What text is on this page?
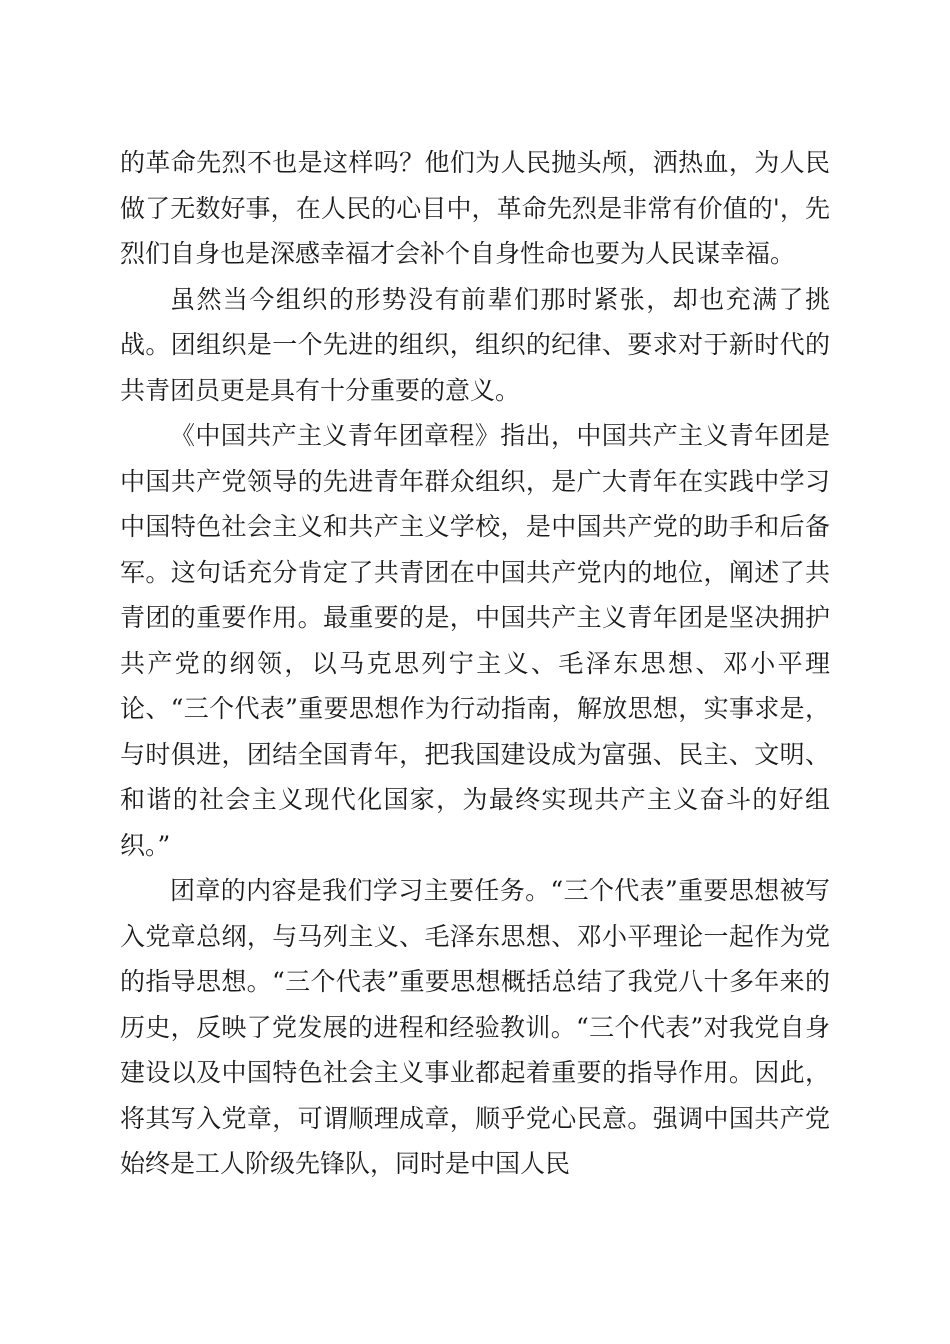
的革命先烈不也是这样吗？他们为人民抛头颅，洒热血，为人民做了无数好事，在人民的心目中，革命先烈是非常有价值的'，先烈们自身也是深感幸福才会补个自身性命也要为人民谋幸福。

虽然当今组织的形势没有前辈们那时紧张，却也充满了挑战。团组织是一个先进的组织，组织的纪律、要求对于新时代的共青团员更是具有十分重要的意义。

《中国共产主义青年团章程》指出，中国共产主义青年团是中国共产党领导的先进青年群众组织，是广大青年在实践中学习中国特色社会主义和共产主义学校，是中国共产党的助手和后备军。这句话充分肯定了共青团在中国共产党内的地位，阐述了共青团的重要作用。最重要的是，中国共产主义青年团是坚决拥护共产党的纲领，以马克思列宁主义、毛泽东思想、邓小平理论、“三个代表”重要思想作为行动指南，解放思想，实事求是，与时俱进，团结全国青年，把我国建设成为富强、民主、文明、和谐的社会主义现代化国家，为最终实现共产主义奋斗的好组织。”

团章的内容是我们学习主要任务。“三个代表”重要思想被写入党章总纲，与马列主义、毛泽东思想、邓小平理论一起作为党的指导思想。“三个代表”重要思想概括总结了我党八十多年来的历史，反映了党发展的进程和经验教训。“三个代表”对我党自身建设以及中国特色社会主义事业都起着重要的指导作用。因此，将其写入党章，可谓顺理成章，顺乎党心民意。强调中国共产党始终是工人阶级先锋队，同时是中国人民
